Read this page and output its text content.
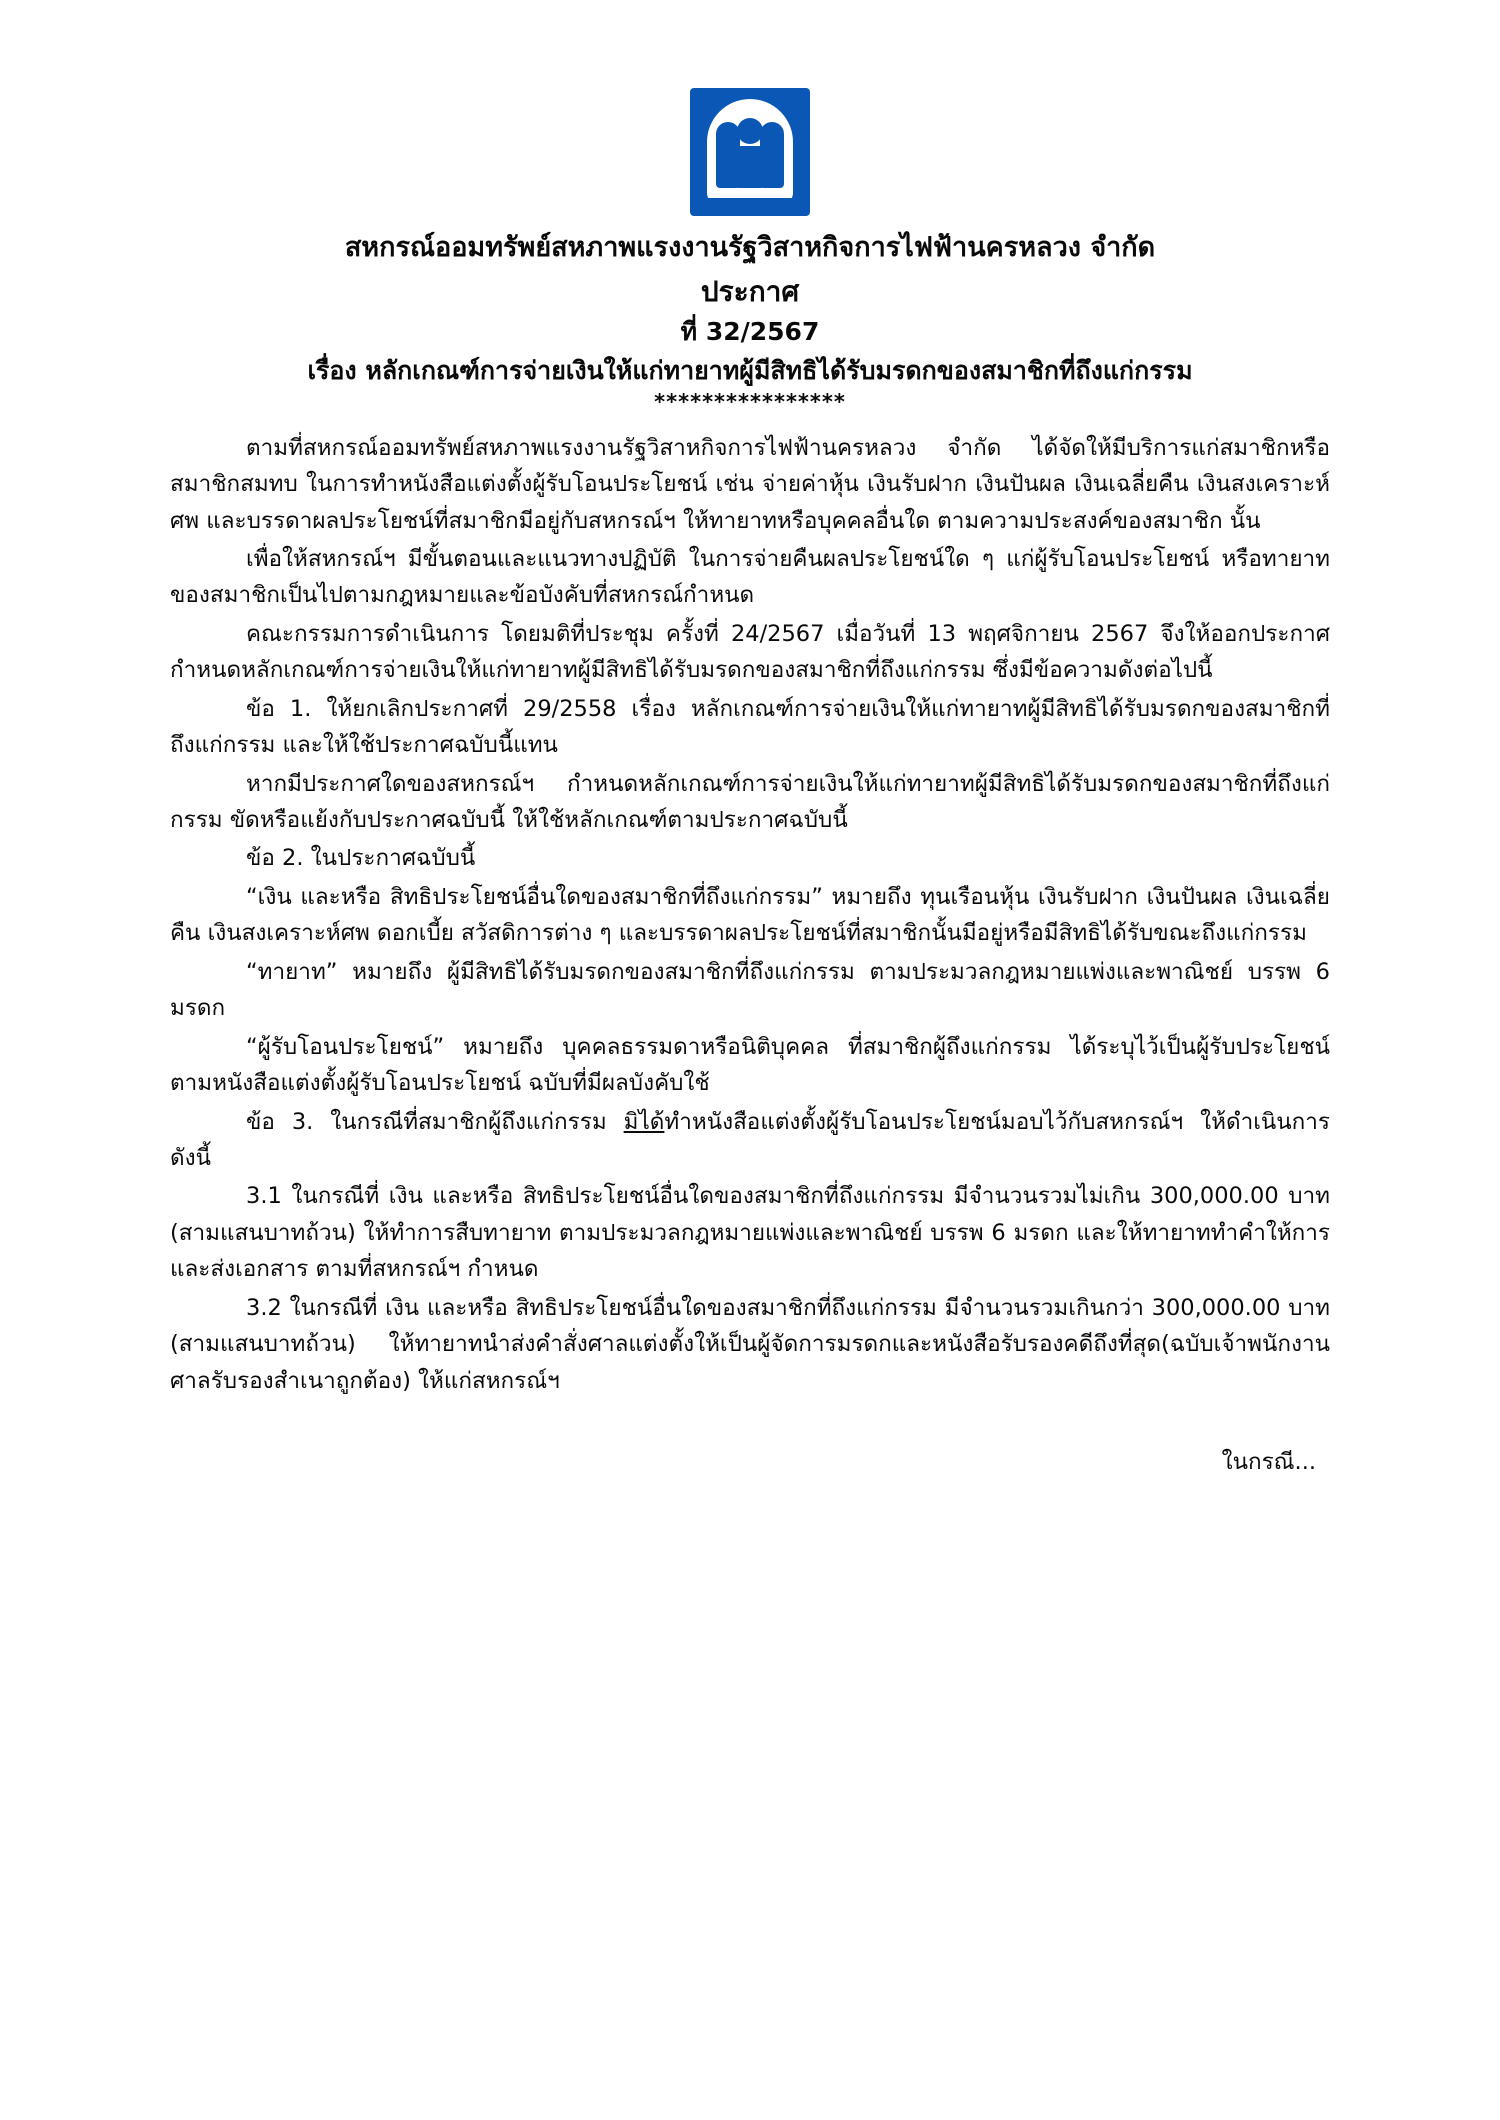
สหกรณ์ออมทรัพย์สหภาพแรงงานรัฐวิสาหกิจการไฟฟ้านครหลวง จำกัด
ประกาศ
ที่ 32/2567
เรื่อง หลักเกณฑ์การจ่ายเงินให้แก่ทายาทผู้มีสิทธิได้รับมรดกของสมาชิกที่ถึงแก่กรรม
****************

ตามที่สหกรณ์ออมทรัพย์สหภาพแรงงานรัฐวิสาหกิจการไฟฟ้านครหลวง จำกัด ได้จัดให้มีบริการแก่สมาชิกหรือสมาชิกสมทบ ในการทำหนังสือแต่งตั้งผู้รับโอนประโยชน์ เช่น จ่ายค่าหุ้น เงินรับฝาก เงินปันผล เงินเฉลี่ยคืน เงินสงเคราะห์ศพ และบรรดาผลประโยชน์ที่สมาชิกมีอยู่กับสหกรณ์ฯ ให้ทายาทหรือบุคคลอื่นใด ตามความประสงค์ของสมาชิก นั้น

เพื่อให้สหกรณ์ฯ มีขั้นตอนและแนวทางปฏิบัติ ในการจ่ายคืนผลประโยชน์ใด ๆ แก่ผู้รับโอนประโยชน์ หรือทายาทของสมาชิกเป็นไปตามกฎหมายและข้อบังคับที่สหกรณ์กำหนด

คณะกรรมการดำเนินการ โดยมติที่ประชุม ครั้งที่ 24/2567 เมื่อวันที่ 13 พฤศจิกายน 2567 จึงให้ออกประกาศกำหนดหลักเกณฑ์การจ่ายเงินให้แก่ทายาทผู้มีสิทธิได้รับมรดกของสมาชิกที่ถึงแก่กรรม ซึ่งมีข้อความดังต่อไปนี้

ข้อ 1. ให้ยกเลิกประกาศที่ 29/2558 เรื่อง หลักเกณฑ์การจ่ายเงินให้แก่ทายาทผู้มีสิทธิได้รับมรดกของสมาชิกที่ถึงแก่กรรม และให้ใช้ประกาศฉบับนี้แทน

หากมีประกาศใดของสหกรณ์ฯ กำหนดหลักเกณฑ์การจ่ายเงินให้แก่ทายาทผู้มีสิทธิได้รับมรดกของสมาชิกที่ถึงแก่กรรม ขัดหรือแย้งกับประกาศฉบับนี้ ให้ใช้หลักเกณฑ์ตามประกาศฉบับนี้

ข้อ 2. ในประกาศฉบับนี้

“เงิน และหรือ สิทธิประโยชน์อื่นใดของสมาชิกที่ถึงแก่กรรม” หมายถึง ทุนเรือนหุ้น เงินรับฝาก เงินปันผล เงินเฉลี่ยคืน เงินสงเคราะห์ศพ ดอกเบี้ย สวัสดิการต่าง ๆ และบรรดาผลประโยชน์ที่สมาชิกนั้นมีอยู่หรือมีสิทธิได้รับขณะถึงแก่กรรม

“ทายาท” หมายถึง ผู้มีสิทธิได้รับมรดกของสมาชิกที่ถึงแก่กรรม ตามประมวลกฎหมายแพ่งและพาณิชย์ บรรพ 6 มรดก

“ผู้รับโอนประโยชน์” หมายถึง บุคคลธรรมดาหรือนิติบุคคล ที่สมาชิกผู้ถึงแก่กรรม ได้ระบุไว้เป็นผู้รับประโยชน์ ตามหนังสือแต่งตั้งผู้รับโอนประโยชน์ ฉบับที่มีผลบังคับใช้

ข้อ 3. ในกรณีที่สมาชิกผู้ถึงแก่กรรม มิได้ทำหนังสือแต่งตั้งผู้รับโอนประโยชน์มอบไว้กับสหกรณ์ฯ ให้ดำเนินการดังนี้

3.1 ในกรณีที่ เงิน และหรือ สิทธิประโยชน์อื่นใดของสมาชิกที่ถึงแก่กรรม มีจำนวนรวมไม่เกิน 300,000.00 บาท (สามแสนบาทถ้วน) ให้ทำการสืบทายาท ตามประมวลกฎหมายแพ่งและพาณิชย์ บรรพ 6 มรดก และให้ทายาททำคำให้การและส่งเอกสาร ตามที่สหกรณ์ฯ กำหนด

3.2 ในกรณีที่ เงิน และหรือ สิทธิประโยชน์อื่นใดของสมาชิกที่ถึงแก่กรรม มีจำนวนรวมเกินกว่า 300,000.00 บาท (สามแสนบาทถ้วน) ให้ทายาทนำส่งคำสั่งศาลแต่งตั้งให้เป็นผู้จัดการมรดกและหนังสือรับรองคดีถึงที่สุด(ฉบับเจ้าพนักงานศาลรับรองสำเนาถูกต้อง) ให้แก่สหกรณ์ฯ

ในกรณี...
